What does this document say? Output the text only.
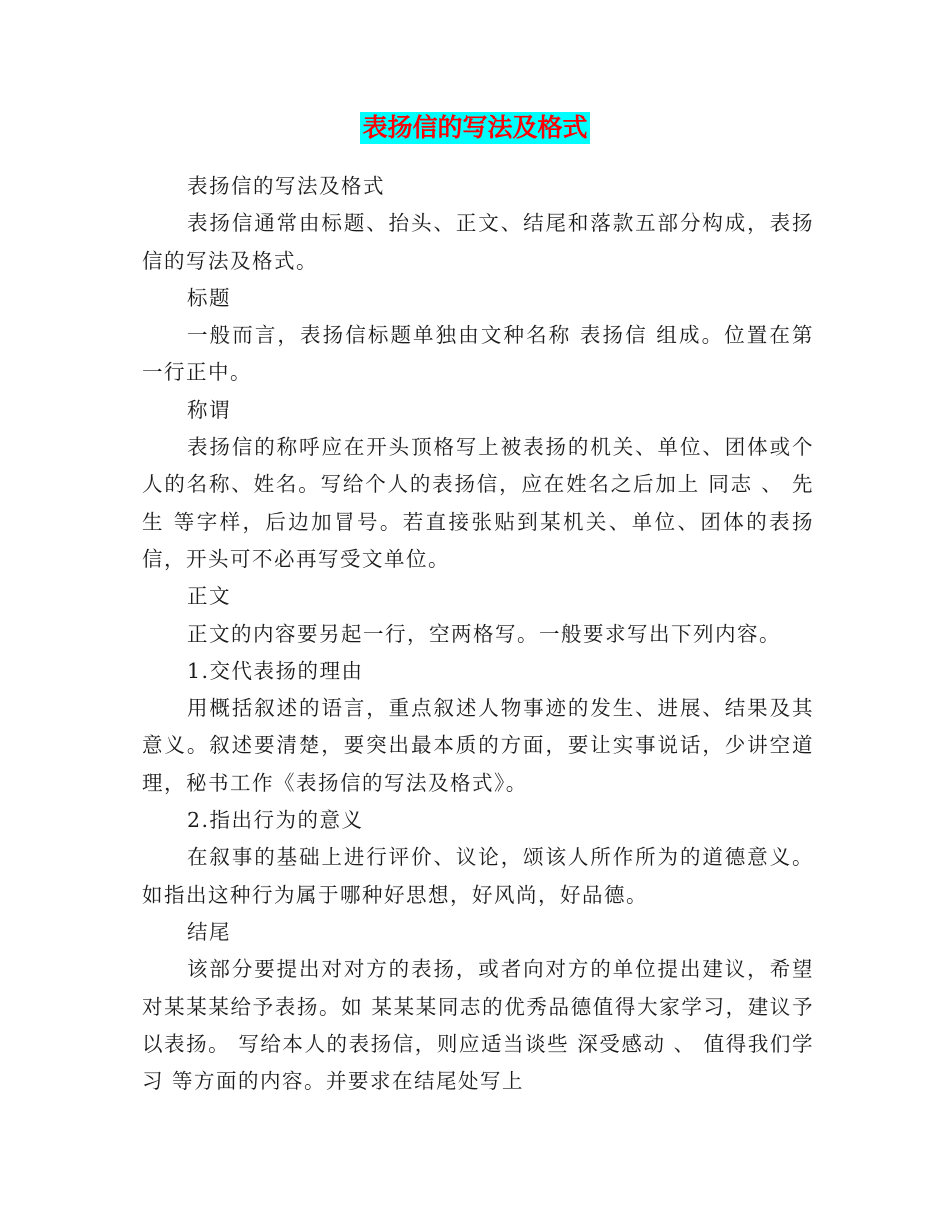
表扬信的写法及格式

表扬信的写法及格式

表扬信通常由标题、抬头、正文、结尾和落款五部分构成，表扬信的写法及格式。

标题

一般而言，表扬信标题单独由文种名称 表扬信 组成。位置在第一行正中。

称谓

表扬信的称呼应在开头顶格写上被表扬的机关、单位、团体或个人的名称、姓名。写给个人的表扬信，应在姓名之后加上 同志 、 先生 等字样，后边加冒号。若直接张贴到某机关、单位、团体的表扬信，开头可不必再写受文单位。

正文

正文的内容要另起一行，空两格写。一般要求写出下列内容。

1.交代表扬的理由

用概括叙述的语言，重点叙述人物事迹的发生、进展、结果及其意义。叙述要清楚，要突出最本质的方面，要让实事说话，少讲空道理，秘书工作《表扬信的写法及格式》。

2.指出行为的意义

在叙事的基础上进行评价、议论，颂该人所作所为的道德意义。如指出这种行为属于哪种好思想，好风尚，好品德。

结尾

该部分要提出对对方的表扬，或者向对方的单位提出建议，希望对某某某给予表扬。如 某某某同志的优秀品德值得大家学习，建议予以表扬。 写给本人的表扬信，则应适当谈些 深受感动 、 值得我们学习 等方面的内容。并要求在结尾处写上
